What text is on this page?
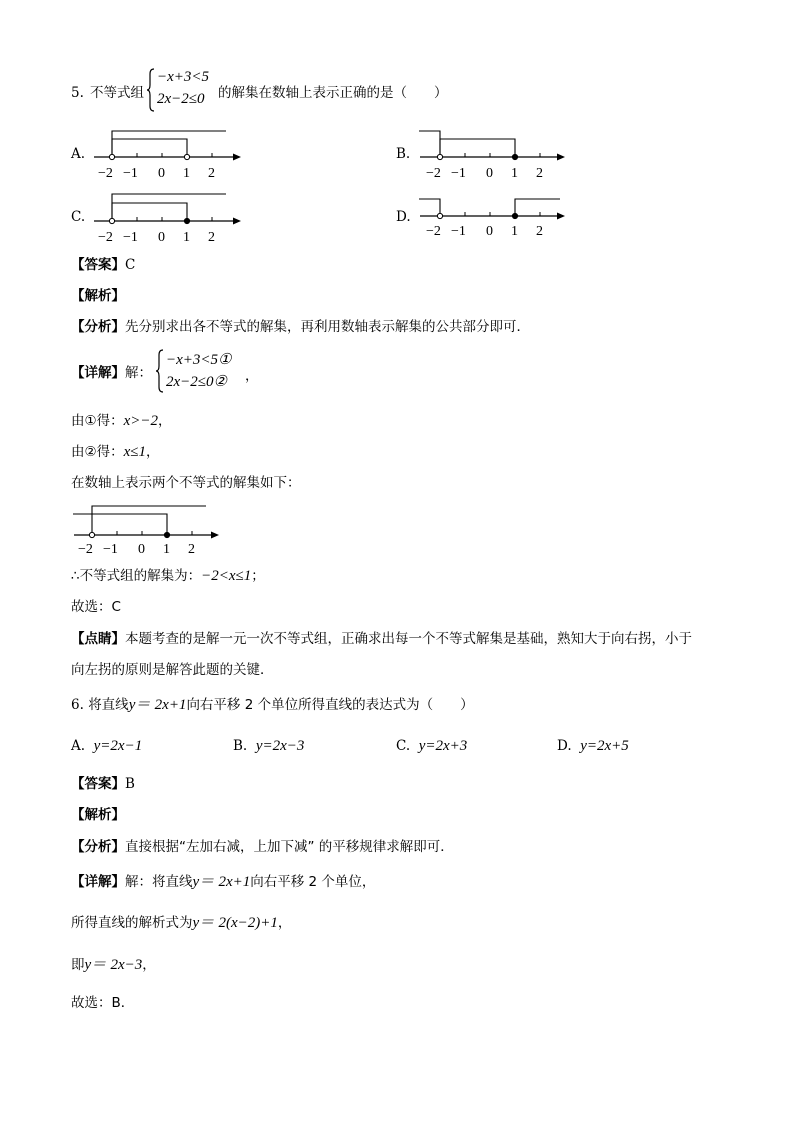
5. 不等式组
−x+3<5
2x−2≤0 的解集在数轴上表示正确的是（　　）
A.
−2 −1 0 1 2
B.
−2 −1 0 1 2
C.
−2 −1 0 1 2
D.
−2 −1 0 1 2
【答案】C
【解析】
【分析】先分别求出各不等式的解集，再利用数轴表示解集的公共部分即可．
【详解】解：
−x+3<5①
2x−2≤0② ，
由①得：x>−2，
由②得：x≤1，
在数轴上表示两个不等式的解集如下：
−2 −1 0 1 2
∴不等式组的解集为：−2<x≤1；
故选：C
【点睛】本题考查的是解一元一次不等式组，正确求出每一个不等式解集是基础，熟知大于向右拐，小于
向左拐的原则是解答此题的关键．
6. 将直线y＝ 2x+1向右平移 2 个单位所得直线的表达式为（　　）
A. y=2x−1	B. y=2x−3	C. y=2x+3	D. y=2x+5
【答案】B
【解析】
【分析】直接根据“左加右减，上加下减” 的平移规律求解即可．
【详解】解：将直线y＝ 2x+1向右平移 2 个单位，
所得直线的解析式为y＝ 2(x−2)+1，
即y＝ 2x−3，
故选：B．
